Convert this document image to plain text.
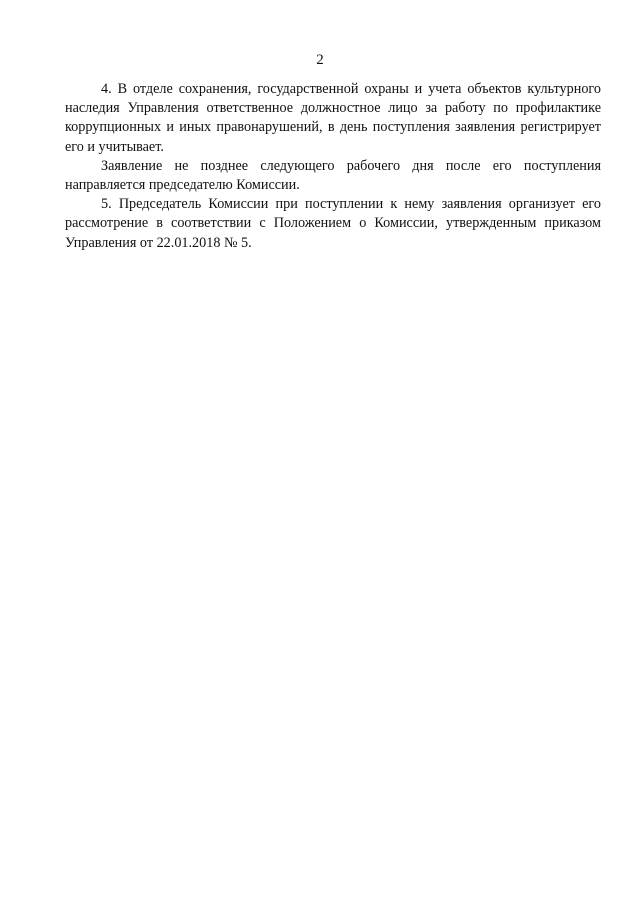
2

4. В отделе сохранения, государственной охраны и учета объектов культурного наследия Управления ответственное должностное лицо за работу по профилактике коррупционных и иных правонарушений, в день поступления заявления регистрирует его и учитывает.

Заявление не позднее следующего рабочего дня после его поступления направляется председателю Комиссии.

5. Председатель Комиссии при поступлении к нему заявления организует его рассмотрение в соответствии с Положением о Комиссии, утвержденным приказом Управления от 22.01.2018 № 5.
